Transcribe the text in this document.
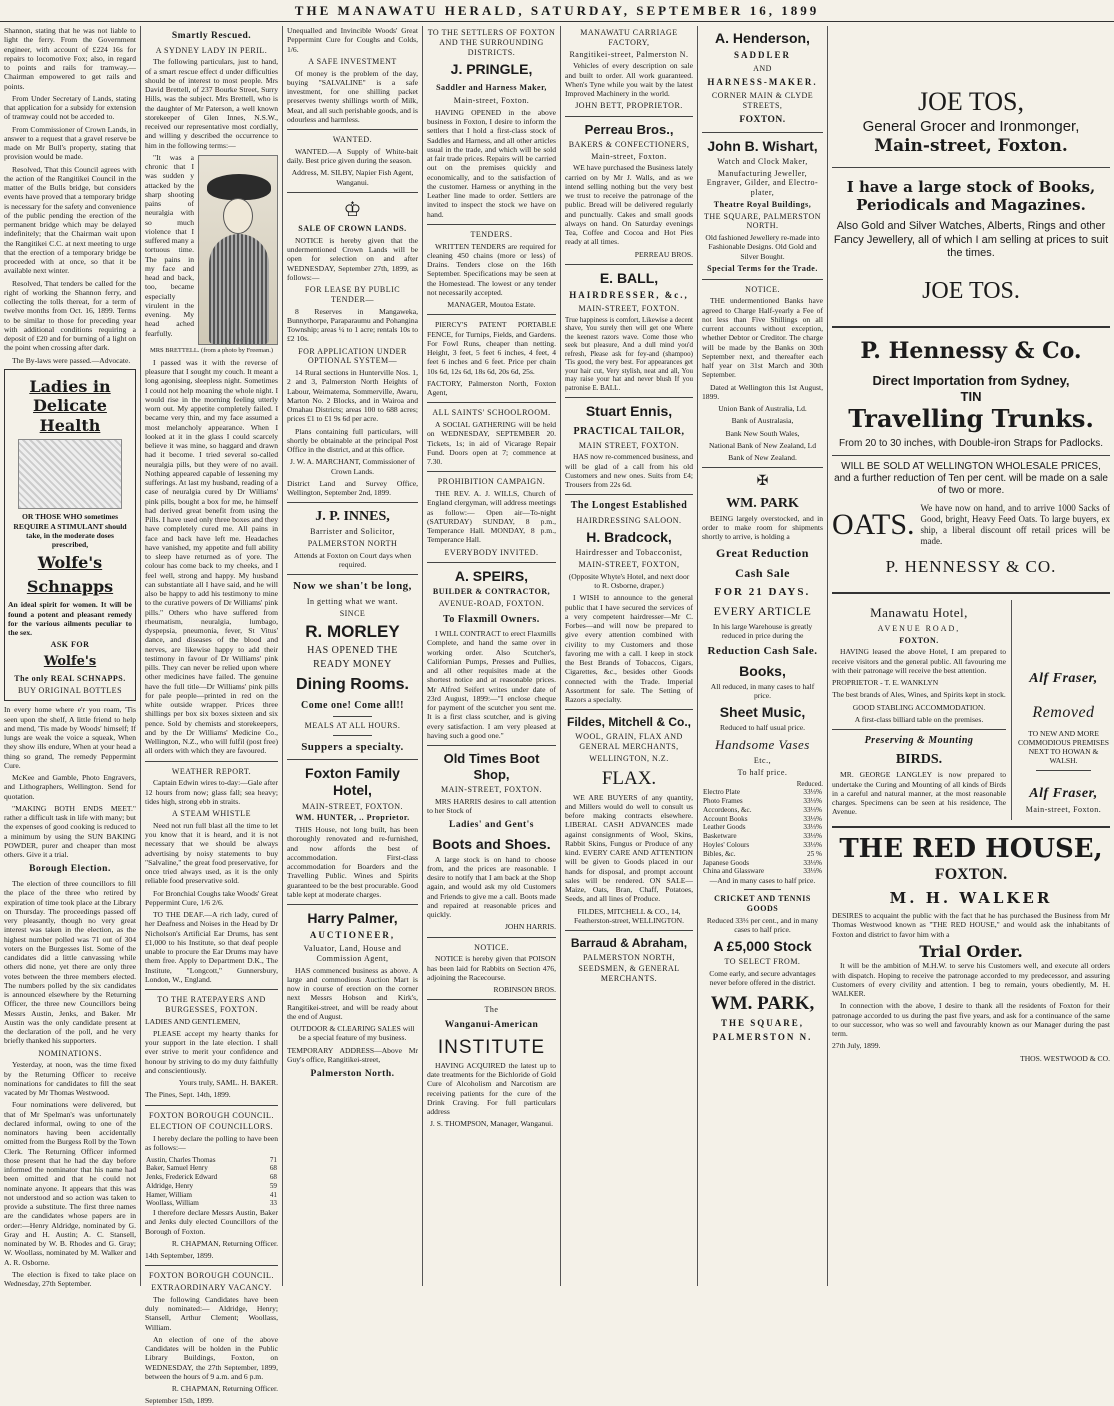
THE MANAWATU HERALD, SATURDAY, SEPTEMBER 16, 1899

Shannon, stating that he was not liable to light the ferry. From the Government engineer, with account of £224 16s for repairs to locomotive Fox; also, in regard to points and rails for tramway.—Chairman empowered to get rails and points.

From Under Secretary of Lands, stating that application for a subsidy for extension of tramway could not be acceded to.

From Commissioner of Crown Lands, in answer to a request that a gravel reserve be made on Mr Bull's property, stating that provision would be made.

Resolved, That this Council agrees with the action of the Rangitikei Council in the matter of the Bulls bridge, but considers events have proved that a temporary bridge is necessary for the safety and convenience of the public pending the erection of the permanent bridge which may be delayed indefinitely; that the Chairman wait upon the Rangitikei C.C. at next meeting to urge that the erection of a temporary bridge be proceeded with at once, so that it be available next winter.

Resolved, That tenders be called for the right of working the Shannon ferry, and collecting the tolls thereat, for a term of twelve months from Oct. 16, 1899. Terms to be similar to those for preceding year with additional conditions requiring a deposit of £20 and for burning of a light on the point when crossing after dark.

The By-laws were passed.—Advocate.

Ladies in Delicate Health

OR THOSE WHO sometimes REQUIRE A STIMULANT should take, in the moderate doses prescribed,

Wolfe's
Schnapps

An ideal spirit for women. It will be found a potent and pleasant remedy for the various ailments peculiar to the sex.

ASK FOR
Wolfe's
The only REAL SCHNAPPS.
BUY ORIGINAL BOTTLES

In every home where e'r you roam, 'Tis seen upon the shelf, A little friend to help and mend, 'Tis made by Woods' himself; If lungs are weak the voice a squeak, When they show ills endure, When at your head a thing so grand, The remedy Peppermint Cure.

McKee and Gamble, Photo Engravers, and Lithographers, Wellington. Send for quotation.

"MAKING BOTH ENDS MEET." rather a difficult task in life with many; but the expenses of good cooking is reduced to a minimum by using the SUN BAKING POWDER, purer and cheaper than most others. Give it a trial.

Borough Election.

The election of three councillors to fill the place of the three who retired by expiration of time took place at the Library on Thursday. The proceedings passed off very pleasantly, though no very great interest was taken in the election, as the highest number polled was 71 out of 304 voters on the Burgesses list. Some of the candidates did a little canvassing while others did none, yet there are only three votes between the three members elected. The numbers polled by the six candidates is announced elsewhere by the Returning Officer, the three new Councillors being Messrs Austin, Jenks, and Baker. Mr Austin was the only candidate present at the declaration of the poll, and he very briefly thanked his supporters.

NOMINATIONS.

Yesterday, at noon, was the time fixed by the Returning Officer to receive nominations for candidates to fill the seat vacated by Mr Thomas Westwood.

Four nominations were delivered, but that of Mr Spelman's was unfortunately declared informal, owing to one of the nominators having been accidentally omitted from the Burgess Roll by the Town Clerk. The Returning Officer informed those present that he had the day before informed the nominator that his name had been omitted and that he could not nominate anyone. It appears that this was not understood and so action was taken to provide a substitute. The first three names are the candidates whose papers are in order:—Henry Aldridge, nominated by G. Gray and H. Austin; A. C. Stansell, nominated by W. B. Rhodes and G. Gray; W. Woollass, nominated by M. Walker and A. R. Osborne.

The election is fixed to take place on Wednesday, 27th September.

Smartly Rescued.
A SYDNEY LADY IN PERIL.

The following particulars, just to hand, of a smart rescue effect d under difficulties should be of interest to most people. Mrs David Brettell, of 237 Bourke Street, Surry Hills, was the subject. Mrs Brettell, who is the daughter of Mr Paterson, a well known storekeeper of Glen Innes, N.S.W., received our representative most cordially, and willing y described the occurrence to him in the following terms:—

"It was a chronic that I was sudden y attacked by the sharp shooting pains of neuralgia with so much violence that I suffered many a tortuous time. The pains in my face and head and back, too, became especially virulent in the evening. My head ached fearfully.

MRS BRETTELL. (from a photo by Freeman.)

I passed was it with the reverse of pleasure that I sought my couch. It meant a long agonising, sleepless night. Sometimes I could not help moaning the whole night. I would rise in the morning feeling utterly worn out. My appetite completely failed. I became very thin, and my face assumed a most melancholy appearance. When I looked at it in the glass I could scarcely believe it was mine, so haggard and drawn had it become. I tried several so-called neuralgia pills, but they were of no avail. Nothing appeared capable of lessening my sufferings. At last my husband, reading of a case of neuralgia cured by Dr Williams' pink pills, bought a box for me, he himself had derived great benefit from using the Pills. I have used only three boxes and they have completely cured me. All pains in face and back have left me. Headaches have vanished, my appetite and full ability to sleep have returned as of yore. The colour has come back to my cheeks, and I feel well, strong and happy. My husband can substantiate all I have said, and he will also be happy to add his testimony to mine to the curative powers of Dr Williams' pink pills." Others who have suffered from rheumatism, neuralgia, lumbago, dyspepsia, pneumonia, fever, St Vitus' dance, and diseases of the blood and nerves, are likewise happy to add their testimony in favour of Dr Williams' pink pills. They can never be relied upon where other medicines have failed. The genuine have the full title—Dr Williams' pink pills for pale people—printed in red on the white outside wrapper. Prices three shillings per box six boxes sixteen and six pence. Sold by chemists and storekeepers, and by the Dr Williams' Medicine Co., Wellington, N.Z., who will fulfil (post free) all orders with which they are favoured.

WEATHER REPORT.

Captain Edwin wires to-day:—Gale after 12 hours from now; glass fall; sea heavy; tides high, strong ebb in straits.

A STEAM WHISTLE

Need not run full blast all the time to let you know that it is heard, and it is not necessary that we should be always advertising by noisy statements to buy "Salvaline," the great food preservative, for once tried always used, as it is the only reliable food preservative sold.

For Bronchial Coughs take Woods' Great Peppermint Cure, 1/6 2/6.

TO THE DEAF.—A rich lady, cured of her Deafness and Noises in the Head by Dr Nicholson's Artificial Ear Drums, has sent £1,000 to his Institute, so that deaf people unable to procure the Ear Drums may have them free. Apply to Department D.K., The Institute, "Longcott," Gunnersbury, London, W., England.

TO THE RATEPAYERS AND BURGESSES, FOXTON.

LADIES AND GENTLEMEN,

PLEASE accept my hearty thanks for your support in the late election. I shall ever strive to merit your confidence and honour by striving to do my duty faithfully and conscientiously.

Yours truly, SAML. H. BAKER.

The Pines, Sept. 14th, 1899.

FOXTON BOROUGH COUNCIL.
ELECTION OF COUNCILLORS.

I hereby declare the polling to have been as follows:—

Austin, Charles Thomas	71
Baker, Samuel Henry	68
Jenks, Frederick Edward	68
Aldridge, Henry	59
Hamer, William	41
Woollass, William	33

I therefore declare Messrs Austin, Baker and Jenks duly elected Councillors of the Borough of Foxton.

R. CHAPMAN, Returning Officer.

14th September, 1899.

FOXTON BOROUGH COUNCIL.
EXTRAORDINARY VACANCY.

The following Candidates have been duly nominated:— Aldridge, Henry; Stansell, Arthur Clement; Woollass, William.

An election of one of the above Candidates will be holden in the Public Library Buildings, Foxton, on WEDNESDAY, the 27th September, 1899, between the hours of 9 a.m. and 6 p.m.

R. CHAPMAN, Returning Officer.

September 15th, 1899.

Unequalled and Invincible Woods' Great Peppermint Cure for Coughs and Colds, 1/6.

A SAFE INVESTMENT

Of money is the problem of the day, buying "SALVALINE" is a safe investment, for one shilling packet preserves twenty shillings worth of Milk, Meat, and all such perishable goods, and is odourless and harmless.

WANTED.

WANTED.—A Supply of White-bait daily. Best price given during the season.

Address, M. SILBY, Napier Fish Agent, Wanganui.

♔
SALE OF CROWN LANDS.

NOTICE is hereby given that the undermentioned Crown Lands will be open for selection on and after WEDNESDAY, September 27th, 1899, as follows:—

FOR LEASE BY PUBLIC TENDER—

8 Reserves in Mangaweka, Bunnythorpe, Paraparaumu and Pohangina Township; areas ¼ to 1 acre; rentals 10s to £2 10s.

FOR APPLICATION UNDER OPTIONAL SYSTEM—

14 Rural sections in Hunterville Nos. 1, 2 and 3, Palmerston North Heights of Labour, Weimatema, Sommerville, Awaru, Marton No. 2 Blocks, and in Wairoa and Omahau Districts; areas 100 to 688 acres; prices £1 to £1 9s 6d per acre.

Plans containing full particulars, will shortly be obtainable at the principal Post Office in the district, and at this office.

J. W. A. MARCHANT, Commissioner of Crown Lands.

District Land and Survey Office, Wellington, September 2nd, 1899.

J. P. INNES,
Barrister and Solicitor,
PALMERSTON NORTH

Attends at Foxton on Court days when required.

Now we shan't be long,
In getting what we want.
SINCE
R. MORLEY
HAS OPENED THE
READY MONEY
Dining Rooms.
Come one! Come all!!
MEALS AT ALL HOURS.
Suppers a specialty.
Foxton Family Hotel,
MAIN-STREET, FOXTON.
WM. HUNTER, .. Proprietor.

THIS House, not long built, has been thoroughly renovated and re-furnished, and now affords the best of accommodation. First-class accommodation for Boarders and the Travelling Public. Wines and Spirits guaranteed to be the best procurable. Good table kept at moderate charges.

Harry Palmer,
AUCTIONEER,
Valuator, Land, House and Commission Agent,

HAS commenced business as above. A large and commodious Auction Mart is now in course of erection on the corner next Messrs Hobson and Kirk's, Rangitikei-street, and will be ready about the end of August.

OUTDOOR & CLEARING SALES will be a special feature of my business.

TEMPORARY ADDRESS—Above Mr Guy's office, Rangitikei-street,

Palmerston North.
TO THE SETTLERS OF FOXTON AND THE SURROUNDING DISTRICTS.
J. PRINGLE,
Saddler and Harness Maker,
Main-street, Foxton.

HAVING OPENED in the above business in Foxton, I desire to inform the settlers that I hold a first-class stock of Saddles and Harness, and all other articles usual in the trade, and which will be sold at fair trade prices. Repairs will be carried out on the premises quickly and economically, and to the satisfaction of the customer. Harness or anything in the Leather line made to order. Settlers are invited to inspect the stock we have on hand.

TENDERS.

WRITTEN TENDERS are required for cleaning 450 chains (more or less) of Drains. Tenders close on the 16th September. Specifications may be seen at the Homestead. The lowest or any tender not necessarily accepted.

MANAGER, Moutoa Estate.

PIERCY'S PATENT PORTABLE FENCE, for Turnips, Fields, and Gardens. For Fowl Runs, cheaper than netting. Height, 3 feet, 5 feet 6 inches, 4 feet, 4 feet 6 inches and 6 feet. Price per chain 10s 6d, 12s 6d, 18s 6d, 20s 6d, 25s.

FACTORY, Palmerston North, Foxton Agent,

ALL SAINTS' SCHOOLROOM.

A SOCIAL GATHERING will be held on WEDNESDAY, SEPTEMBER 20. Tickets, 1s; in aid of Vicarage Repair Fund. Doors open at 7; commence at 7.30.

PROHIBITION CAMPAIGN.

THE REV. A. J. WILLS, Church of England clergyman, will address meetings as follow:— Open air—To-night (SATURDAY) SUNDAY, 8 p.m., Temperance Hall. MONDAY, 8 p.m., Temperance Hall.

EVERYBODY INVITED.
A. SPEIRS,
BUILDER & CONTRACTOR,
AVENUE-ROAD, FOXTON.
To Flaxmill Owners.

I WILL CONTRACT to erect Flaxmills Complete, and hand the same over in working order. Also Scutcher's, Californian Pumps, Presses and Pullies, and all other requisites made at the shortest notice and at reasonable prices. Mr Alfred Seifert writes under date of 23rd August, 1899:—"I enclose cheque for payment of the scutcher you sent me. It is a first class scutcher, and is giving every satisfaction. I am very pleased at having such a good one."

Old Times Boot Shop,
MAIN-STREET, FOXTON.

MRS HARRIS desires to call attention to her Stock of

Ladies' and Gent's
Boots and Shoes.

A large stock is on hand to choose from, and the prices are reasonable. I desire to notify that I am back at the Shop again, and would ask my old Customers and Friends to give me a call. Boots made and repaired at reasonable prices and quickly.

JOHN HARRIS.

NOTICE.

NOTICE is hereby given that POISON has been laid for Rabbits on Section 476, adjoining the Racecourse.

ROBINSON BROS.

The
Wanganui-American
INSTITUTE

HAVING ACQUIRED the latest up to date treatments for the Bichloride of Gold Cure of Alcoholism and Narcotism are receiving patients for the cure of the Drink Craving. For full particulars address

J. S. THOMPSON, Manager, Wanganui.

MANAWATU CARRIAGE FACTORY,
Rangitikei-street, Palmerston N.

Vehicles of every description on sale and built to order. All work guaranteed. When's Tyne while you wait by the latest Improved Machinery in the world.

JOHN BETT, PROPRIETOR.
Perreau Bros.,
BAKERS & CONFECTIONERS,
Main-street, Foxton.

WE have purchased the Business lately carried on by Mr J. Walls, and as we intend selling nothing but the very best we trust to receive the patronage of the public. Bread will be delivered regularly and punctually. Cakes and small goods always on hand. On Saturday evenings Tea, Coffee and Cocoa and Hot Pies ready at all times.

PERREAU BROS.

E. BALL,
HAIRDRESSER, &c.,
MAIN-STREET, FOXTON.

True happiness is comfort, Likewise a decent shave, You surely then will get one Where the keenest razors wave. Come those who seek but pleasure, And a dull mind you'd refresh, Please ask for fey-and (shampoo) 'Tis good, the very best. For appearances get your hair cut, Very stylish, neat and all, You may raise your hat and never blush If you patronise E. BALL.

Stuart Ennis,
PRACTICAL TAILOR,
MAIN STREET, FOXTON.

HAS now re-commenced business, and will be glad of a call from his old Customers and new ones. Suits from £4; Trousers from 22s 6d.

The Longest Established
HAIRDRESSING SALOON.
H. Bradcock,
Hairdresser and Tobacconist,
MAIN-STREET, FOXTON,

(Opposite Whyte's Hotel, and next door to R. Osborne, draper.)

I WISH to announce to the general public that I have secured the services of a very competent hairdresser—Mr C. Forbes—and will now be prepared to give every attention combined with civility to my Customers and those favoring me with a call. I keep in stock the Best Brands of Tobaccos, Cigars, Cigarettes, &c., besides other Goods connected with the Trade. Imperial Assortment for sale. The Setting of Razors a specialty.

Fildes, Mitchell & Co.,
WOOL, GRAIN, FLAX AND GENERAL MERCHANTS,
WELLINGTON, N.Z.
FLAX.

WE ARE BUYERS of any quantity, and Millers would do well to consult us before making contracts elsewhere. LIBERAL CASH ADVANCES made against consignments of Wool, Skins, Rabbit Skins, Fungus or Produce of any kind. EVERY CARE AND ATTENTION will be given to Goods placed in our hands for disposal, and prompt account sales will be rendered. ON SALE—Maize, Oats, Bran, Chaff, Potatoes, Seeds, and all lines of Produce.

FILDES, MITCHELL & CO., 14, Featherston-street, WELLINGTON.

Barraud & Abraham,
PALMERSTON NORTH,
SEEDSMEN, & GENERAL MERCHANTS.
A. Henderson,
SADDLER
AND
HARNESS-MAKER.
CORNER MAIN & CLYDE STREETS,
FOXTON.
John B. Wishart,
Watch and Clock Maker,
Manufacturing Jeweller, Engraver, Gilder, and Electro-plater,
Theatre Royal Buildings,
THE SQUARE, PALMERSTON NORTH.

Old fashioned Jewellery re-made into Fashionable Designs. Old Gold and Silver Bought.

Special Terms for the Trade.
NOTICE.

THE undermentioned Banks have agreed to Charge Half-yearly a Fee of not less than Five Shillings on all current accounts without exception, whether Debtor or Creditor. The charge will be made by the Banks on 30th September next, and thereafter each half year on 31st March and 30th September.

Dated at Wellington this 1st August, 1899.

Union Bank of Australia, Ld.

Bank of Australasia,

Bank New South Wales,

National Bank of New Zealand, Ld

Bank of New Zealand.

✠
WM. PARK

BEING largely overstocked, and in order to make room for shipments shortly to arrive, is holding a

Great Reduction
Cash Sale
FOR 21 DAYS.
EVERY ARTICLE

In his large Warehouse is greatly reduced in price during the

Reduction Cash Sale.
Books,

All reduced, in many cases to half price.

Sheet Music,

Reduced to half usual price.

Handsome Vases
Etc.,
To half price.
Reduced.
Electro Plate	33⅓%
Photo Frames	33⅓%
Accordeons, &c.	33⅓%
Account Books	33⅓%
Leather Goods	33⅓%
Basketware	33⅓%
Hoyles' Colours	33⅓%
Bibles, &c.	25 %
Japanese Goods	33⅓%
China and Glassware	33⅓%

—And in many cases to half price.

CRICKET AND TENNIS GOODS

Reduced 33⅓ per cent., and in many cases to half price.

A £5,000 Stock
TO SELECT FROM.

Come early, and secure advantages never before offered in the district.

WM. PARK,
THE SQUARE,
PALMERSTON N.
JOE TOS,
General Grocer and Ironmonger,
Main-street, Foxton.
I have a large stock of Books, Periodicals and Magazines.
Also Gold and Silver Watches, Alberts, Rings and other Fancy Jewellery, all of which I am selling at prices to suit the times.
JOE TOS.
P. Hennessy & Co.
Direct Importation from Sydney,
TIN
Travelling Trunks.
From 20 to 30 inches, with Double-iron Straps for Padlocks.
WILL BE SOLD AT WELLINGTON WHOLESALE PRICES, and a further reduction of Ten per cent. will be made on a sale of two or more.
OATS. We have now on hand, and to arrive 1000 Sacks of Good, bright, Heavy Feed Oats. To large buyers, ex ship, a liberal discount off retail prices will be made.
P. HENNESSY & CO.
Manawatu Hotel,
AVENUE ROAD,
FOXTON.

HAVING leased the above Hotel, I am prepared to receive visitors and the general public. All favouring me with their patronage will receive the best attention.

PROPRIETOR - T. E. WANKLYN

The best brands of Ales, Wines, and Spirits kept in stock.

GOOD STABLING ACCOMMODATION.

A first-class billiard table on the premises.

Preserving & Mounting
BIRDS.

MR. GEORGE LANGLEY is now prepared to undertake the Curing and Mounting of all kinds of Birds in a careful and natural manner, at the most reasonable charges. Specimens can be seen at his residence, The Avenue.

Alf Fraser,
Removed

TO NEW AND MORE COMMODIOUS PREMISES NEXT TO HOWAN & WALSH.

Alf Fraser,
Main-street, Foxton.
THE RED HOUSE,
FOXTON.
M. H. WALKER

DESIRES to acquaint the public with the fact that he has purchased the Business from Mr Thomas Westwood known as "THE RED HOUSE," and would ask the inhabitants of Foxton and district to favor him with a

Trial Order.

It will be the ambition of M.H.W. to serve his Customers well, and execute all orders with dispatch. Hoping to receive the patronage accorded to my predecessor, and assuring Customers of every civility and attention. I beg to remain, yours obediently, M. H. WALKER.

In connection with the above, I desire to thank all the residents of Foxton for their patronage accorded to us during the past five years, and ask for a continuance of the same to our successor, who was so well and favourably known as our Manager during the past term.

27th July, 1899.

THOS. WESTWOOD & CO.
